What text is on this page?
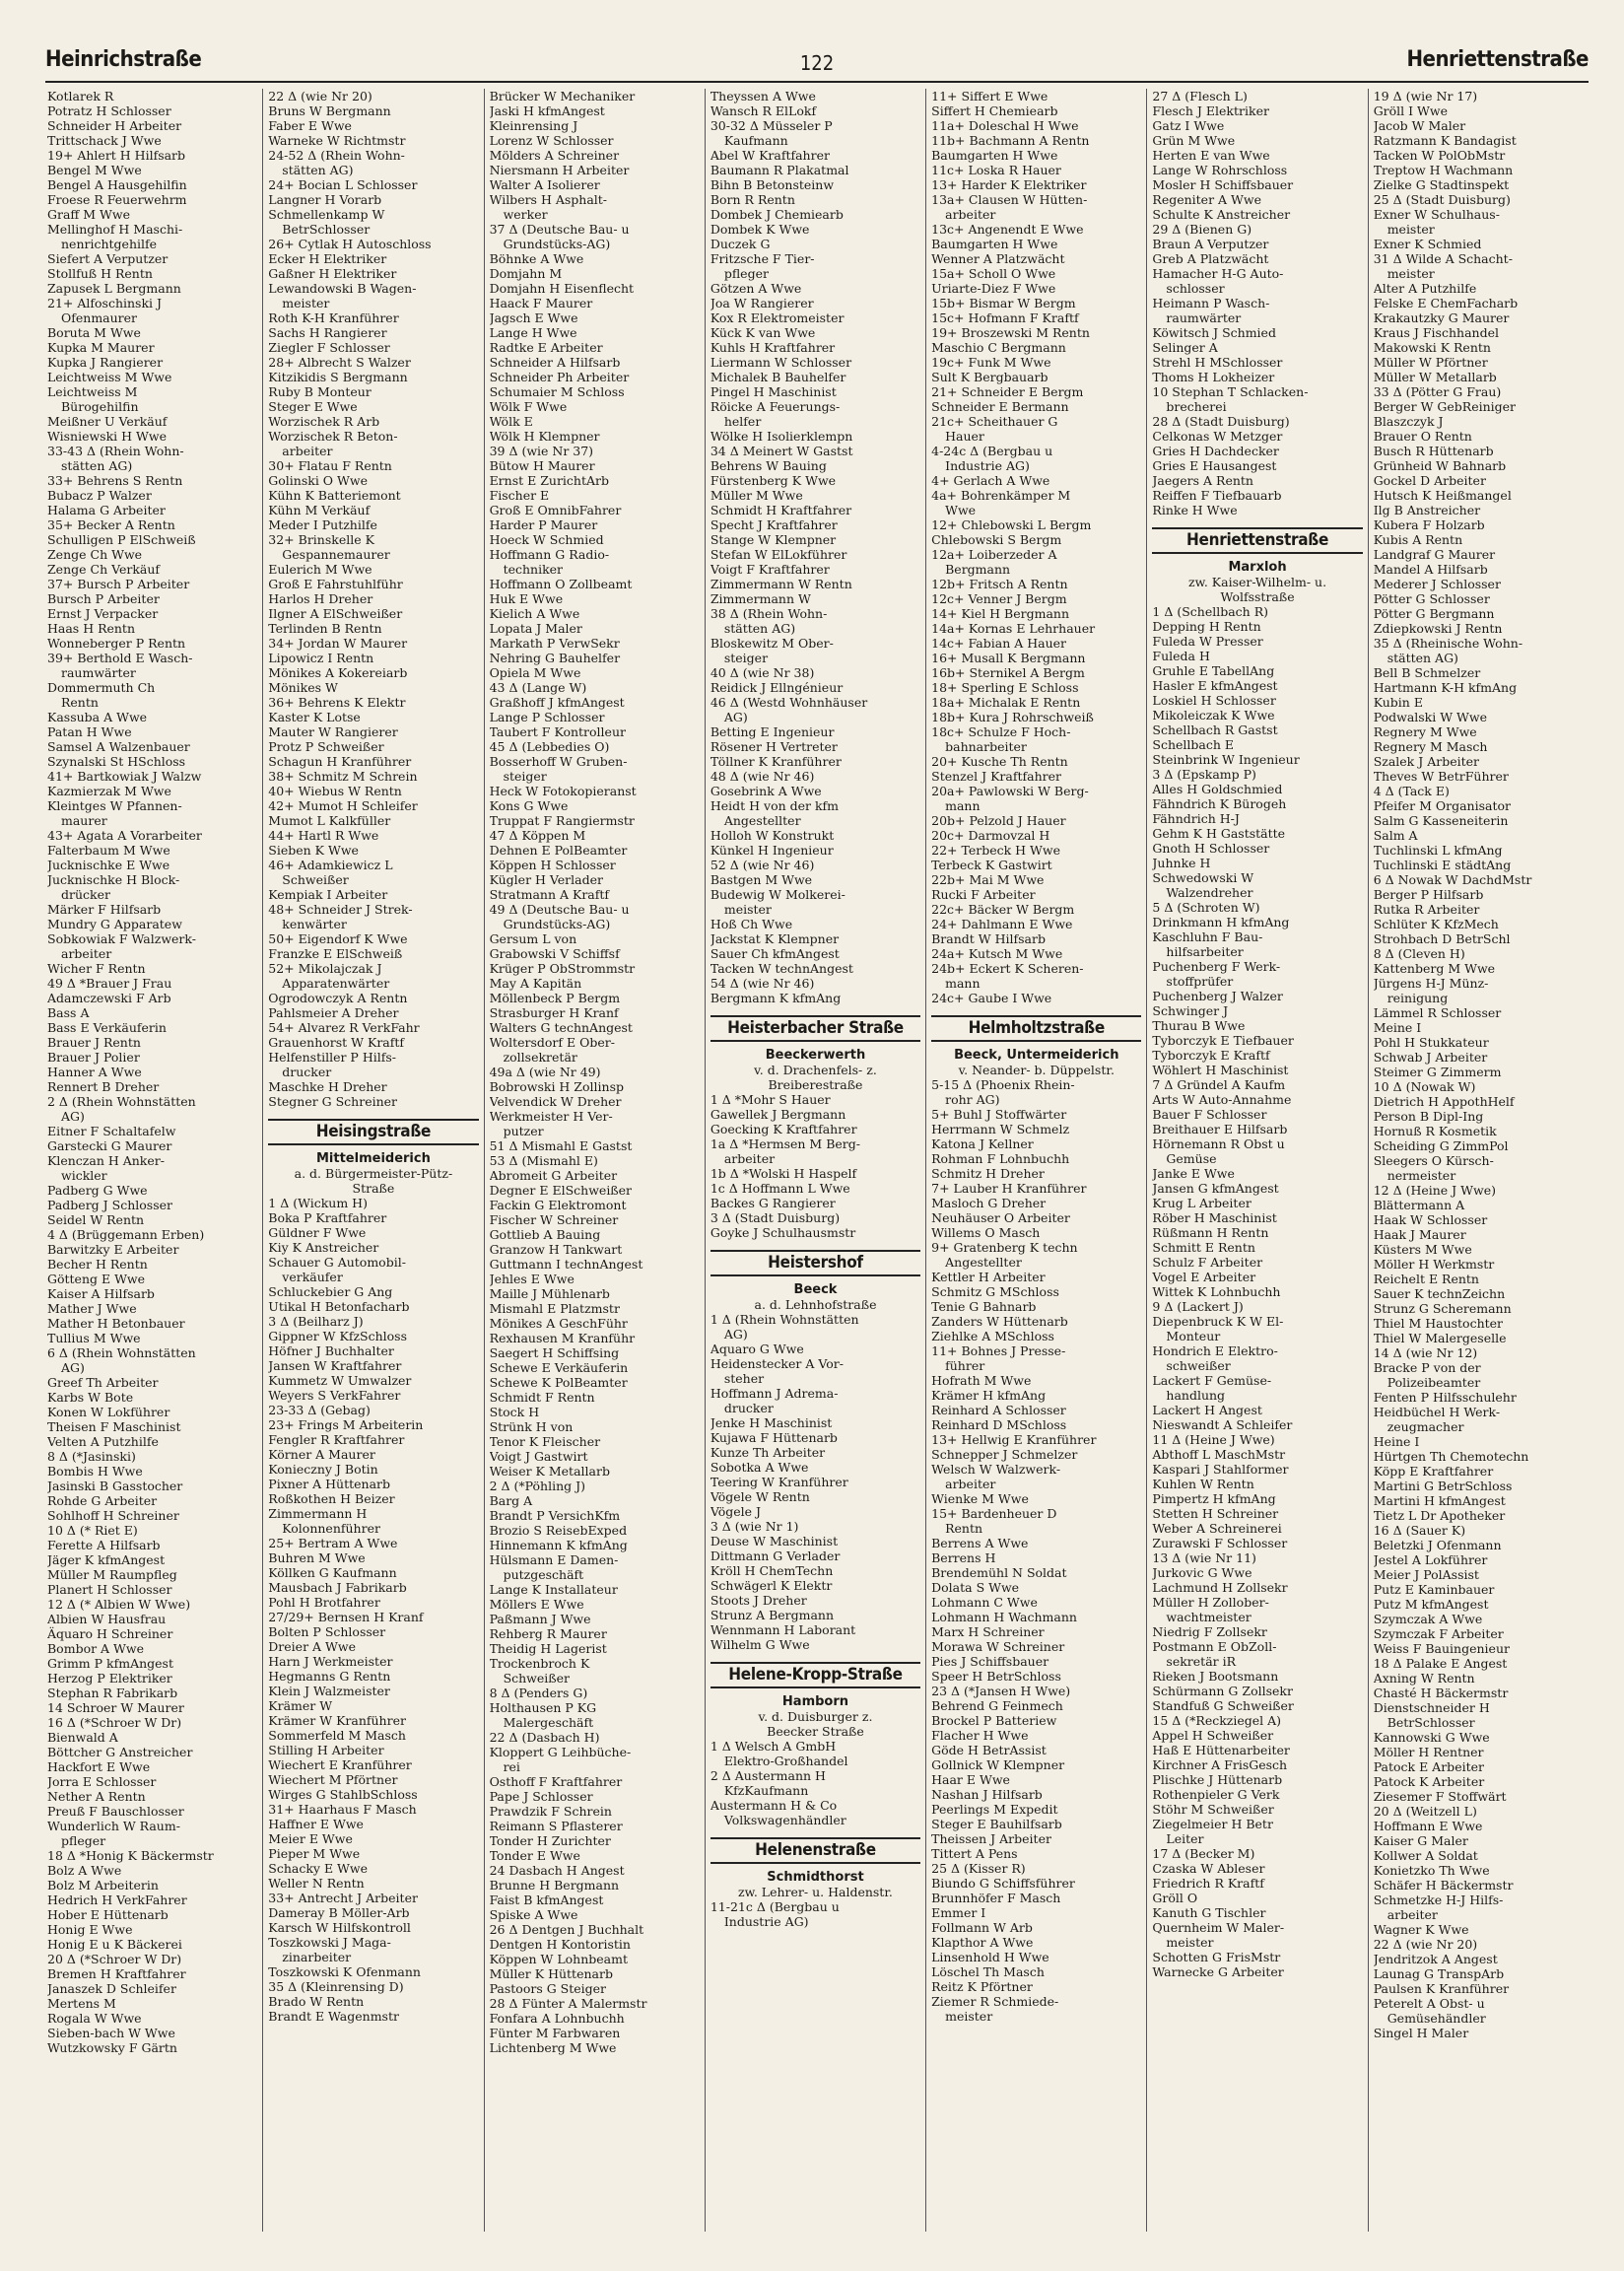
Heinrichstraße	122	Henriettenstraße
Kotlarek R
Potratz H Schlosser
Schneider H Arbeiter
Trittschack J Wwe
19+ Ahlert H Hilfsarb
Bengel M Wwe
Bengel A Hausgehilfin
Froese R Feuerwehrm
Graff M Wwe
Mellinghof H Maschi-
nenrichtgehilfe
Siefert A Verputzer
Stollfuß H Rentn
Zapusek L Bergmann
21+ Alfoschinski J
Ofenmaurer
Boruta M Wwe
Kupka M Maurer
Kupka J Rangierer
Leichtweiss M Wwe
Leichtweiss M
Bürogehilfin
Meißner U Verkäuf
Wisniewski H Wwe
33-43 Δ (Rhein Wohn-
stätten AG)
33+ Behrens S Rentn
Bubacz P Walzer
Halama G Arbeiter
35+ Becker A Rentn
Schulligen P ElSchweiß
Zenge Ch Wwe
Zenge Ch Verkäuf
37+ Bursch P Arbeiter
Bursch P Arbeiter
Ernst J Verpacker
Haas H Rentn
Wonneberger P Rentn
39+ Berthold E Wasch-
raumwärter
Dommermuth Ch
Rentn
Kassuba A Wwe
Patan H Wwe
Samsel A Walzenbauer
Szynalski St HSchloss
41+ Bartkowiak J Walzw
Kazmierzak M Wwe
Kleintges W Pfannen-
maurer
43+ Agata A Vorarbeiter
Falterbaum M Wwe
Jucknischke E Wwe
Jucknischke H Block-
drücker
Märker F Hilfsarb
Mundry G Apparatew
Sobkowiak F Walzwerk-
arbeiter
Wicher F Rentn
49 Δ *Brauer J Frau
Adamczewski F Arb
Bass A
Bass E Verkäuferin
Brauer J Rentn
Brauer J Polier
Hanner A Wwe
Rennert B Dreher
2 Δ (Rhein Wohnstätten
AG)
Eitner F Schaltafelw
Garstecki G Maurer
Klenczan H Anker-
wickler
Padberg G Wwe
Padberg J Schlosser
Seidel W Rentn
4 Δ (Brüggemann Erben)
Barwitzky E Arbeiter
Becher H Rentn
Götteng E Wwe
Kaiser A Hilfsarb
Mather J Wwe
Mather H Betonbauer
Tullius M Wwe
6 Δ (Rhein Wohnstätten
AG)
Greef Th Arbeiter
Karbs W Bote
Konen W Lokführer
Theisen F Maschinist
Velten A Putzhilfe
8 Δ (*Jasinski)
Bombis H Wwe
Jasinski B Gasstocher
Rohde G Arbeiter
Sohlhoff H Schreiner
10 Δ (* Riet E)
Ferette A Hilfsarb
Jäger K kfmAngest
Müller M Raumpfleg
Planert H Schlosser
12 Δ (* Albien W Wwe)
Albien W Hausfrau
Äquaro H Schreiner
Bombor A Wwe
Grimm P kfmAngest
Herzog P Elektriker
Stephan R Fabrikarb
14 Schroer W Maurer
16 Δ (*Schroer W Dr)
Bienwald A
Böttcher G Anstreicher
Hackfort E Wwe
Jorra E Schlosser
Nether A Rentn
Preuß F Bauschlosser
Wunderlich W Raum-
pfleger
18 Δ *Honig K Bäckermstr
Bolz A Wwe
Bolz M Arbeiterin
Hedrich H VerkFahrer
Hober E Hüttenarb
Honig E Wwe
Honig E u K Bäckerei
20 Δ (*Schroer W Dr)
Bremen H Kraftfahrer
Janaszek D Schleifer
Mertens M
Rogala W Wwe
Sieben-bach W Wwe
Wutzkowsky F Gärtn
22 Δ (wie Nr 20)
Bruns W Bergmann
Faber E Wwe
Warneke W Richtmstr
24-52 Δ (Rhein Wohn-
stätten AG)
24+ Bocian L Schlosser
Langner H Vorarb
Schmellenkamp W
BetrSchlosser
26+ Cytlak H Autoschloss
Ecker H Elektriker
Gaßner H Elektriker
Lewandowski B Wagen-
meister
Roth K-H Kranführer
Sachs H Rangierer
Ziegler F Schlosser
28+ Albrecht S Walzer
Kitzikidis S Bergmann
Ruby B Monteur
Steger E Wwe
Worzischek R Arb
Worzischek R Beton-
arbeiter
30+ Flatau F Rentn
Golinski O Wwe
Kühn K Batteriemont
Kühn M Verkäuf
Meder I Putzhilfe
32+ Brinskelle K
Gespannemaurer
Eulerich M Wwe
Groß E Fahrstuhlführ
Harlos H Dreher
Ilgner A ElSchweißer
Terlinden B Rentn
34+ Jordan W Maurer
Lipowicz I Rentn
Mönikes A Kokereiarb
Mönikes W
36+ Behrens K Elektr
Kaster K Lotse
Mauter W Rangierer
Protz P Schweißer
Schagun H Kranführer
38+ Schmitz M Schrein
40+ Wiebus W Rentn
42+ Mumot H Schleifer
Mumot L Kalkfüller
44+ Hartl R Wwe
Sieben K Wwe
46+ Adamkiewicz L
Schweißer
Kempiak I Arbeiter
48+ Schneider J Strek-
kenwärter
50+ Eigendorf K Wwe
Franzke E ElSchweiß
52+ Mikolajczak J
Apparatenwärter
Ogrodowczyk A Rentn
Pahlsmeier A Dreher
54+ Alvarez R VerkFahr
Grauenhorst W Kraftf
Helfenstiller P Hilfs-
drucker
Maschke H Dreher
Stegner G Schreiner
Heisingstraße
Mittelmeiderich
a. d. Bürgermeister-Pütz-
Straße
1 Δ (Wickum H)
Boka P Kraftfahrer
Güldner F Wwe
Kiy K Anstreicher
Schauer G Automobil-
verkäufer
Schluckebier G Ang
Utikal H Betonfacharb
3 Δ (Beilharz J)
Gippner W KfzSchloss
Höfner J Buchhalter
Jansen W Kraftfahrer
Kummetz W Umwalzer
Weyers S VerkFahrer
23-33 Δ (Gebag)
23+ Frings M Arbeiterin
Fengler R Kraftfahrer
Körner A Maurer
Konieczny J Botin
Pixner A Hüttenarb
Roßkothen H Beizer
Zimmermann H
Kolonnenführer
25+ Bertram A Wwe
Buhren M Wwe
Köllken G Kaufmann
Mausbach J Fabrikarb
Pohl H Brotfahrer
27/29+ Bernsen H Kranf
Bolten P Schlosser
Dreier A Wwe
Harn J Werkmeister
Hegmanns G Rentn
Klein J Walzmeister
Krämer W
Krämer W Kranführer
Sommerfeld M Masch
Stilling H Arbeiter
Wiechert E Kranführer
Wiechert M Pförtner
Wirges G StahlbSchloss
31+ Haarhaus F Masch
Haffner E Wwe
Meier E Wwe
Pieper M Wwe
Schacky E Wwe
Weller N Rentn
33+ Antrecht J Arbeiter
Dameray B Möller-Arb
Karsch W Hilfskontroll
Toszkowski J Maga-
zinarbeiter
Toszkowski K Ofenmann
35 Δ (Kleinrensing D)
Brado W Rentn
Brandt E Wagenmstr
Brücker W Mechaniker
Jaski H kfmAngest
Kleinrensing J
Lorenz W Schlosser
Mölders A Schreiner
Niersmann H Arbeiter
Walter A Isolierer
Wilbers H Asphalt-
werker
37 Δ (Deutsche Bau- u
Grundstücks-AG)
Böhnke A Wwe
Domjahn M
Domjahn H Eisenflecht
Haack F Maurer
Jagsch E Wwe
Lange H Wwe
Radtke E Arbeiter
Schneider A Hilfsarb
Schneider Ph Arbeiter
Schumaier M Schloss
Wölk F Wwe
Wölk E
Wölk H Klempner
39 Δ (wie Nr 37)
Bütow H Maurer
Ernst E ZurichtArb
Fischer E
Groß E OmnibFahrer
Harder P Maurer
Hoeck W Schmied
Hoffmann G Radio-
techniker
Hoffmann O Zollbeamt
Huk E Wwe
Kielich A Wwe
Lopata J Maler
Markath P VerwSekr
Nehring G Bauhelfer
Opiela M Wwe
43 Δ (Lange W)
Graßhoff J kfmAngest
Lange P Schlosser
Taubert F Kontrolleur
45 Δ (Lebbedies O)
Bosserhoff W Gruben-
steiger
Heck W Fotokopieranst
Kons G Wwe
Truppat F Rangiermstr
47 Δ Köppen M
Dehnen E PolBeamter
Köppen H Schlosser
Kügler H Verlader
Stratmann A Kraftf
49 Δ (Deutsche Bau- u
Grundstücks-AG)
Gersum L von
Grabowski V Schiffsf
Krüger P ObStrommstr
May A Kapitän
Möllenbeck P Bergm
Strasburger H Kranf
Walters G technAngest
Woltersdorf E Ober-
zollsekretär
49a Δ (wie Nr 49)
Bobrowski H Zollinsp
Velvendick W Dreher
Werkmeister H Ver-
putzer
51 Δ Mismahl E Gastst
53 Δ (Mismahl E)
Abromeit G Arbeiter
Degner E ElSchweißer
Fackin G Elektromont
Fischer W Schreiner
Gottlieb A Bauing
Granzow H Tankwart
Guttmann I technAngest
Jehles E Wwe
Maille J Mühlenarb
Mismahl E Platzmstr
Mönikes A GeschFühr
Rexhausen M Kranführ
Saegert H Schiffsing
Schewe E Verkäuferin
Schewe K PolBeamter
Schmidt F Rentn
Stock H
Strünk H von
Tenor K Fleischer
Voigt J Gastwirt
Weiser K Metallarb
2 Δ (*Pöhling J)
Barg A
Brandt P VersichKfm
Brozio S ReisebExped
Hinnemann K kfmAng
Hülsmann E Damen-
putzgeschäft
Lange K Installateur
Möllers E Wwe
Paßmann J Wwe
Rehberg R Maurer
Theidig H Lagerist
Trockenbroch K
Schweißer
8 Δ (Penders G)
Holthausen P KG
Malergeschäft
22 Δ (Dasbach H)
Kloppert G Leihbüche-
rei
Osthoff F Kraftfahrer
Pape J Schlosser
Prawdzik F Schrein
Reimann S Pflasterer
Tonder H Zurichter
Tonder E Wwe
24 Dasbach H Angest
Brunne H Bergmann
Faist B kfmAngest
Spiske A Wwe
26 Δ Dentgen J Buchhalt
Dentgen H Kontoristin
Köppen W Lohnbeamt
Müller K Hüttenarb
Pastoors G Steiger
28 Δ Fünter A Malermstr
Fonfara A Lohnbuchh
Fünter M Farbwaren
Lichtenberg M Wwe
Theyssen A Wwe
Wansch R ElLokf
30-32 Δ Müsseler P
Kaufmann
Abel W Kraftfahrer
Baumann R Plakatmal
Bihn B Betonsteinw
Born R Rentn
Dombek J Chemiearb
Dombek K Wwe
Duczek G
Fritzsche F Tier-
pfleger
Götzen A Wwe
Joa W Rangierer
Kox R Elektromeister
Kück K van Wwe
Kuhls H Kraftfahrer
Liermann W Schlosser
Michalek B Bauhelfer
Pingel H Maschinist
Röicke A Feuerungs-
helfer
Wölke H Isolierklempn
34 Δ Meinert W Gastst
Behrens W Bauing
Fürstenberg K Wwe
Müller M Wwe
Schmidt H Kraftfahrer
Specht J Kraftfahrer
Stange W Klempner
Stefan W ElLokführer
Voigt F Kraftfahrer
Zimmermann W Rentn
Zimmermann W
38 Δ (Rhein Wohn-
stätten AG)
Bloskewitz M Ober-
steiger
40 Δ (wie Nr 38)
Reidick J Ellngénieur
46 Δ (Westd Wohnhäuser
AG)
Betting E Ingenieur
Rösener H Vertreter
Töllner K Kranführer
48 Δ (wie Nr 46)
Gosebrink A Wwe
Heidt H von der kfm
Angestellter
Holloh W Konstrukt
Künkel H Ingenieur
52 Δ (wie Nr 46)
Bastgen M Wwe
Budewig W Molkerei-
meister
Hoß Ch Wwe
Jackstat K Klempner
Sauer Ch kfmAngest
Tacken W technAngest
54 Δ (wie Nr 46)
Bergmann K kfmAng
Heisterbacher Straße
Beeckerwerth
v. d. Drachenfels- z.
Breiberestraße
1 Δ *Mohr S Hauer
Gawellek J Bergmann
Goecking K Kraftfahrer
1a Δ *Hermsen M Berg-
arbeiter
1b Δ *Wolski H Haspelf
1c Δ Hoffmann L Wwe
Backes G Rangierer
3 Δ (Stadt Duisburg)
Goyke J Schulhausmstr
Heistershof
Beeck
a. d. Lehnhofstraße
1 Δ (Rhein Wohnstätten
AG)
Aquaro G Wwe
Heidenstecker A Vor-
steher
Hoffmann J Adrema-
drucker
Jenke H Maschinist
Kujawa F Hüttenarb
Kunze Th Arbeiter
Sobotka A Wwe
Teering W Kranführer
Vögele W Rentn
Vögele J
3 Δ (wie Nr 1)
Deuse W Maschinist
Dittmann G Verlader
Kröll H ChemTechn
Schwägerl K Elektr
Stoots J Dreher
Strunz A Bergmann
Wennmann H Laborant
Wilhelm G Wwe
Helene-Kropp-Straße
Hamborn
v. d. Duisburger z.
Beecker Straße
1 Δ Welsch A GmbH
Elektro-Großhandel
2 Δ Austermann H
KfzKaufmann
Austermann H & Co
Volkswagenhändler
Helenenstraße
Schmidthorst
zw. Lehrer- u. Haldenstr.
11-21c Δ (Bergbau u
Industrie AG)
11+ Siffert E Wwe
Siffert H Chemiearb
11a+ Doleschal H Wwe
11b+ Bachmann A Rentn
Baumgarten H Wwe
11c+ Loska R Hauer
13+ Harder K Elektriker
13a+ Clausen W Hütten-
arbeiter
13c+ Angenendt E Wwe
Baumgarten H Wwe
Wenner A Platzwächt
15a+ Scholl O Wwe
Uriarte-Diez F Wwe
15b+ Bismar W Bergm
15c+ Hofmann F Kraftf
19+ Broszewski M Rentn
Maschio C Bergmann
19c+ Funk M Wwe
Sult K Bergbauarb
21+ Schneider E Bergm
Schneider E Bermann
21c+ Scheithauer G
Hauer
4-24c Δ (Bergbau u
Industrie AG)
4+ Gerlach A Wwe
4a+ Bohrenkämper M
Wwe
12+ Chlebowski L Bergm
Chlebowski S Bergm
12a+ Loiberzeder A
Bergmann
12b+ Fritsch A Rentn
12c+ Venner J Bergm
14+ Kiel H Bergmann
14a+ Kornas E Lehrhauer
14c+ Fabian A Hauer
16+ Musall K Bergmann
16b+ Sternikel A Bergm
18+ Sperling E Schloss
18a+ Michalak E Rentn
18b+ Kura J Rohrschweiß
18c+ Schulze F Hoch-
bahnarbeiter
20+ Kusche Th Rentn
Stenzel J Kraftfahrer
20a+ Pawlowski W Berg-
mann
20b+ Pelzold J Hauer
20c+ Darmovzal H
22+ Terbeck H Wwe
Terbeck K Gastwirt
22b+ Mai M Wwe
Rucki F Arbeiter
22c+ Bäcker W Bergm
24+ Dahlmann E Wwe
Brandt W Hilfsarb
24a+ Kutsch M Wwe
24b+ Eckert K Scheren-
mann
24c+ Gaube I Wwe
Helmholtzstraße
Beeck, Untermeiderich
v. Neander- b. Düppelstr.
5-15 Δ (Phoenix Rhein-
rohr AG)
5+ Buhl J Stoffwärter
Herrmann W Schmelz
Katona J Kellner
Rohman F Lohnbuchh
Schmitz H Dreher
7+ Lauber H Kranführer
Masloch G Dreher
Neuhäuser O Arbeiter
Willems O Masch
9+ Gratenberg K techn
Angestellter
Kettler H Arbeiter
Schmitz G MSchloss
Tenie G Bahnarb
Zanders W Hüttenarb
Ziehlke A MSchloss
11+ Bohnes J Presse-
führer
Hofrath M Wwe
Krämer H kfmAng
Reinhard A Schlosser
Reinhard D MSchloss
13+ Hellwig E Kranführer
Schnepper J Schmelzer
Welsch W Walzwerk-
arbeiter
Wienke M Wwe
15+ Bardenheuer D
Rentn
Berrens A Wwe
Berrens H
Brendemühl N Soldat
Dolata S Wwe
Lohmann C Wwe
Lohmann H Wachmann
Marx H Schreiner
Morawa W Schreiner
Pies J Schiffsbauer
Speer H BetrSchloss
23 Δ (*Jansen H Wwe)
Behrend G Feinmech
Brockel P Batteriew
Flacher H Wwe
Göde H BetrAssist
Gollnick W Klempner
Haar E Wwe
Nashan J Hilfsarb
Peerlings M Expedit
Steger E Bauhilfsarb
Theissen J Arbeiter
Tittert A Pens
25 Δ (Kisser R)
Biundo G Schiffsführer
Brunnhöfer F Masch
Emmer I
Follmann W Arb
Klapthor A Wwe
Linsenhold H Wwe
Löschel Th Masch
Reitz K Pförtner
Ziemer R Schmiede-
meister
27 Δ (Flesch L)
Flesch J Elektriker
Gatz I Wwe
Grün M Wwe
Herten E van Wwe
Lange W Rohrschloss
Mosler H Schiffsbauer
Regeniter A Wwe
Schulte K Anstreicher
29 Δ (Bienen G)
Braun A Verputzer
Greb A Platzwächt
Hamacher H-G Auto-
schlosser
Heimann P Wasch-
raumwärter
Köwitsch J Schmied
Selinger A
Strehl H MSchlosser
Thoms H Lokheizer
10 Stephan T Schlacken-
brecherei
28 Δ (Stadt Duisburg)
Celkonas W Metzger
Gries H Dachdecker
Gries E Hausangest
Jaegers A Rentn
Reiffen F Tiefbauarb
Rinke H Wwe
Henriettenstraße
Marxloh
zw. Kaiser-Wilhelm- u.
Wolfsstraße
1 Δ (Schellbach R)
Depping H Rentn
Fuleda W Presser
Fuleda H
Gruhle E TabellAng
Hasler E kfmAngest
Loskiel H Schlosser
Mikoleiczak K Wwe
Schellbach R Gastst
Schellbach E
Steinbrink W Ingenieur
3 Δ (Epskamp P)
Alles H Goldschmied
Fähndrich K Bürogeh
Fähndrich H-J
Gehm K H Gaststätte
Gnoth H Schlosser
Juhnke H
Schwedowski W
Walzendreher
5 Δ (Schroten W)
Drinkmann H kfmAng
Kaschluhn F Bau-
hilfsarbeiter
Puchenberg F Werk-
stoffprüfer
Puchenberg J Walzer
Schwinger J
Thurau B Wwe
Tyborczyk E Tiefbauer
Tyborczyk E Kraftf
Wöhlert H Maschinist
7 Δ Gründel A Kaufm
Arts W Auto-Annahme
Bauer F Schlosser
Breithauer E Hilfsarb
Hörnemann R Obst u
Gemüse
Janke E Wwe
Jansen G kfmAngest
Krug L Arbeiter
Röber H Maschinist
Rüßmann H Rentn
Schmitt E Rentn
Schulz F Arbeiter
Vogel E Arbeiter
Wittek K Lohnbuchh
9 Δ (Lackert J)
Diepenbruck K W El-
Monteur
Hondrich E Elektro-
schweißer
Lackert F Gemüse-
handlung
Lackert H Angest
Nieswandt A Schleifer
11 Δ (Heine J Wwe)
Abthoff L MaschMstr
Kaspari J Stahlformer
Kuhlen W Rentn
Pimpertz H kfmAng
Stetten H Schreiner
Weber A Schreinerei
Zurawski F Schlosser
13 Δ (wie Nr 11)
Jurkovic G Wwe
Lachmund H Zollsekr
Müller H Zollober-
wachtmeister
Niedrig F Zollsekr
Postmann E ObZoll-
sekretär iR
Rieken J Bootsmann
Schürmann G Zollsekr
Standfuß G Schweißer
15 Δ (*Reckziegel A)
Appel H Schweißer
Haß E Hüttenarbeiter
Kirchner A FrisGesch
Plischke J Hüttenarb
Rothenpieler G Verk
Stöhr M Schweißer
Ziegelmeier H Betr
Leiter
17 Δ (Becker M)
Czaska W Ableser
Friedrich R Kraftf
Gröll O
Kanuth G Tischler
Quernheim W Maler-
meister
Schotten G FrisMstr
Warnecke G Arbeiter
19 Δ (wie Nr 17)
Gröll I Wwe
Jacob W Maler
Ratzmann K Bandagist
Tacken W PolObMstr
Treptow H Wachmann
Zielke G Stadtinspekt
25 Δ (Stadt Duisburg)
Exner W Schulhaus-
meister
Exner K Schmied
31 Δ Wilde A Schacht-
meister
Alter A Putzhilfe
Felske E ChemFacharb
Krakautzky G Maurer
Kraus J Fischhandel
Makowski K Rentn
Müller W Pförtner
Müller W Metallarb
33 Δ (Pötter G Frau)
Berger W GebReiniger
Blaszczyk J
Brauer O Rentn
Busch R Hüttenarb
Grünheid W Bahnarb
Gockel D Arbeiter
Hutsch K Heißmangel
Ilg B Anstreicher
Kubera F Holzarb
Kubis A Rentn
Landgraf G Maurer
Mandel A Hilfsarb
Mederer J Schlosser
Pötter G Schlosser
Pötter G Bergmann
Zdiepkowski J Rentn
35 Δ (Rheinische Wohn-
stätten AG)
Bell B Schmelzer
Hartmann K-H kfmAng
Kubin E
Podwalski W Wwe
Regnery M Wwe
Regnery M Masch
Szalek J Arbeiter
Theves W BetrFührer
4 Δ (Tack E)
Pfeifer M Organisator
Salm G Kasseneiterin
Salm A
Tuchlinski L kfmAng
Tuchlinski E städtAng
6 Δ Nowak W DachdMstr
Berger P Hilfsarb
Rutka R Arbeiter
Schlüter K KfzMech
Strohbach D BetrSchl
8 Δ (Cleven H)
Kattenberg M Wwe
Jürgens H-J Münz-
reinigung
Lämmel R Schlosser
Meine I
Pohl H Stukkateur
Schwab J Arbeiter
Steimer G Zimmerm
10 Δ (Nowak W)
Dietrich H AppothHelf
Person B Dipl-Ing
Hornuß R Kosmetik
Scheiding G ZimmPol
Sleegers O Kürsch-
nermeister
12 Δ (Heine J Wwe)
Blättermann A
Haak W Schlosser
Haak J Maurer
Küsters M Wwe
Möller H Werkmstr
Reichelt E Rentn
Sauer K technZeichn
Strunz G Scheremann
Thiel M Haustochter
Thiel W Malergeselle
14 Δ (wie Nr 12)
Bracke P von der
Polizeibeamter
Fenten P Hilfsschulehr
Heidbüchel H Werk-
zeugmacher
Heine I
Hürtgen Th Chemotechn
Köpp E Kraftfahrer
Martini G BetrSchloss
Martini H kfmAngest
Tietz L Dr Apotheker
16 Δ (Sauer K)
Beletzki J Ofenmann
Jestel A Lokführer
Meier J PolAssist
Putz E Kaminbauer
Putz M kfmAngest
Szymczak A Wwe
Szymczak F Arbeiter
Weiss F Bauingenieur
18 Δ Palake E Angest
Axning W Rentn
Chasté H Bäckermstr
Dienstschneider H
BetrSchlosser
Kannowski G Wwe
Möller H Rentner
Patock E Arbeiter
Patock K Arbeiter
Ziesemer F Stoffwärt
20 Δ (Weitzell L)
Hoffmann E Wwe
Kaiser G Maler
Kollwer A Soldat
Konietzko Th Wwe
Schäfer H Bäckermstr
Schmetzke H-J Hilfs-
arbeiter
Wagner K Wwe
22 Δ (wie Nr 20)
Jendritzok A Angest
Launag G TranspArb
Paulsen K Kranführer
Peterelt A Obst- u
Gemüsehändler
Singel H Maler
